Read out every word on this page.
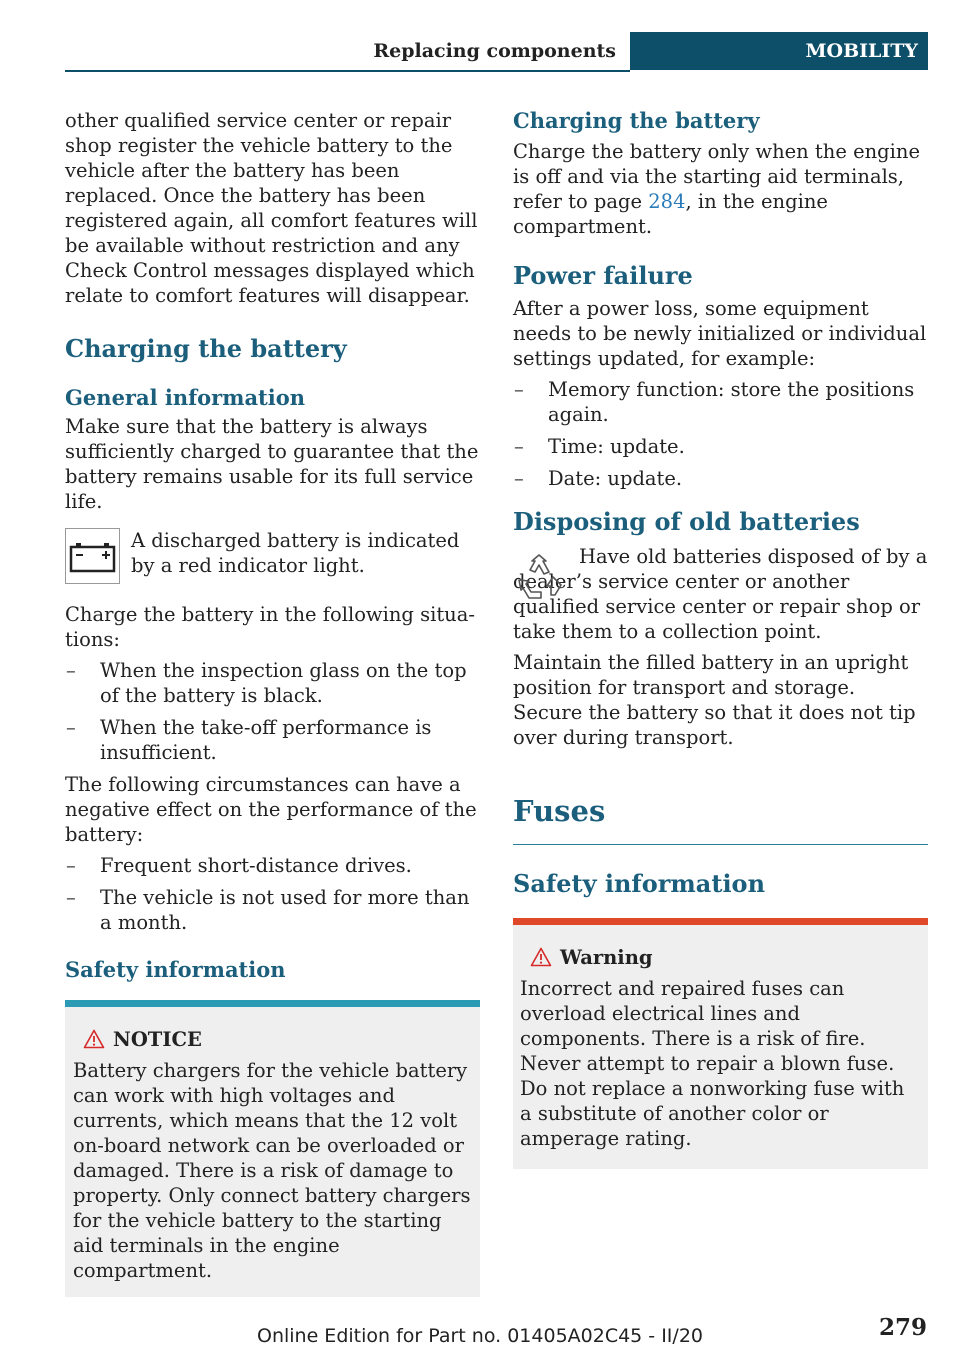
Replacing components	MOBILITY

other qualified service center or repair shop register the vehicle battery to the vehicle after the battery has been replaced. Once the battery has been registered again, all comfort features will be available without restriction and any Check Control messages displayed which relate to comfort features will disappear.

Charging the battery
General information

Make sure that the battery is always sufficiently charged to guarantee that the battery remains usable for its full service life.

A discharged battery is indicated by a red indicator light.

Charge the battery in the following situations:

– When the inspection glass on the top of the battery is black.
– When the take-off performance is insufficient.

The following circumstances can have a negative effect on the performance of the battery:

– Frequent short-distance drives.
– The vehicle is not used for more than a month.
Safety information
NOTICE

Battery chargers for the vehicle battery can work with high voltages and currents, which means that the 12 volt on-board network can be overloaded or damaged. There is a risk of damage to property. Only connect battery chargers for the vehicle battery to the starting aid terminals in the engine compartment.

Charging the battery

Charge the battery only when the engine is off and via the starting aid terminals, refer to page 284, in the engine compartment.

Power failure

After a power loss, some equipment needs to be newly initialized or individual settings updated, for example:

– Memory function: store the positions again.
– Time: update.
– Date: update.
Disposing of old batteries

Have old batteries disposed of by a dealer’s service center or another qualified service center or repair shop or take them to a collection point.

Maintain the filled battery in an upright position for transport and storage. Secure the battery so that it does not tip over during transport.

Fuses
Safety information
Warning

Incorrect and repaired fuses can overload electrical lines and components. There is a risk of fire. Never attempt to repair a blown fuse. Do not replace a nonworking fuse with a substitute of another color or amperage rating.

279
Online Edition for Part no. 01405A02C45 - II/20
